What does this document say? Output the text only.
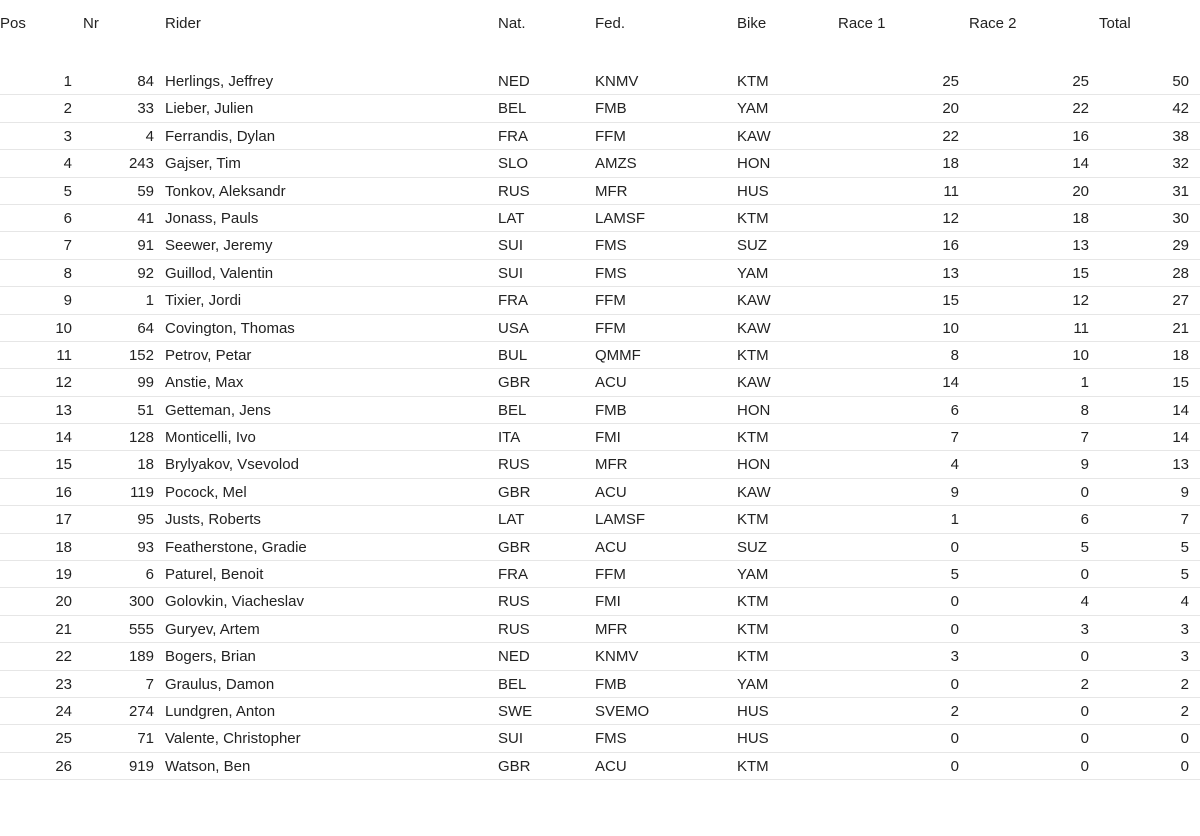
Pos	Nr	Rider	Nat.	Fed.	Bike	Race 1	Race 2	Total
1	84 Herlings, Jeffrey	NED	KNMV	KTM	25	25	50
2	33 Lieber, Julien	BEL	FMB	YAM	20	22	42
3	4 Ferrandis, Dylan	FRA	FFM	KAW	22	16	38
4	243 Gajser, Tim	SLO	AMZS	HON	18	14	32
5	59 Tonkov, Aleksandr	RUS	MFR	HUS	11	20	31
6	41 Jonass, Pauls	LAT	LAMSF	KTM	12	18	30
7	91 Seewer, Jeremy	SUI	FMS	SUZ	16	13	29
8	92 Guillod, Valentin	SUI	FMS	YAM	13	15	28
9	1 Tixier, Jordi	FRA	FFM	KAW	15	12	27
10	64 Covington, Thomas	USA	FFM	KAW	10	11	21
11	152 Petrov, Petar	BUL	QMMF	KTM	8	10	18
12	99 Anstie, Max	GBR	ACU	KAW	14	1	15
13	51 Getteman, Jens	BEL	FMB	HON	6	8	14
14	128 Monticelli, Ivo	ITA	FMI	KTM	7	7	14
15	18 Brylyakov, Vsevolod	RUS	MFR	HON	4	9	13
16	119 Pocock, Mel	GBR	ACU	KAW	9	0	9
17	95 Justs, Roberts	LAT	LAMSF	KTM	1	6	7
18	93 Featherstone, Gradie	GBR	ACU	SUZ	0	5	5
19	6 Paturel, Benoit	FRA	FFM	YAM	5	0	5
20	300 Golovkin, Viacheslav	RUS	FMI	KTM	0	4	4
21	555 Guryev, Artem	RUS	MFR	KTM	0	3	3
22	189 Bogers, Brian	NED	KNMV	KTM	3	0	3
23	7 Graulus, Damon	BEL	FMB	YAM	0	2	2
24	274 Lundgren, Anton	SWE	SVEMO	HUS	2	0	2
25	71 Valente, Christopher	SUI	FMS	HUS	0	0	0
26	919 Watson, Ben	GBR	ACU	KTM	0	0	0
